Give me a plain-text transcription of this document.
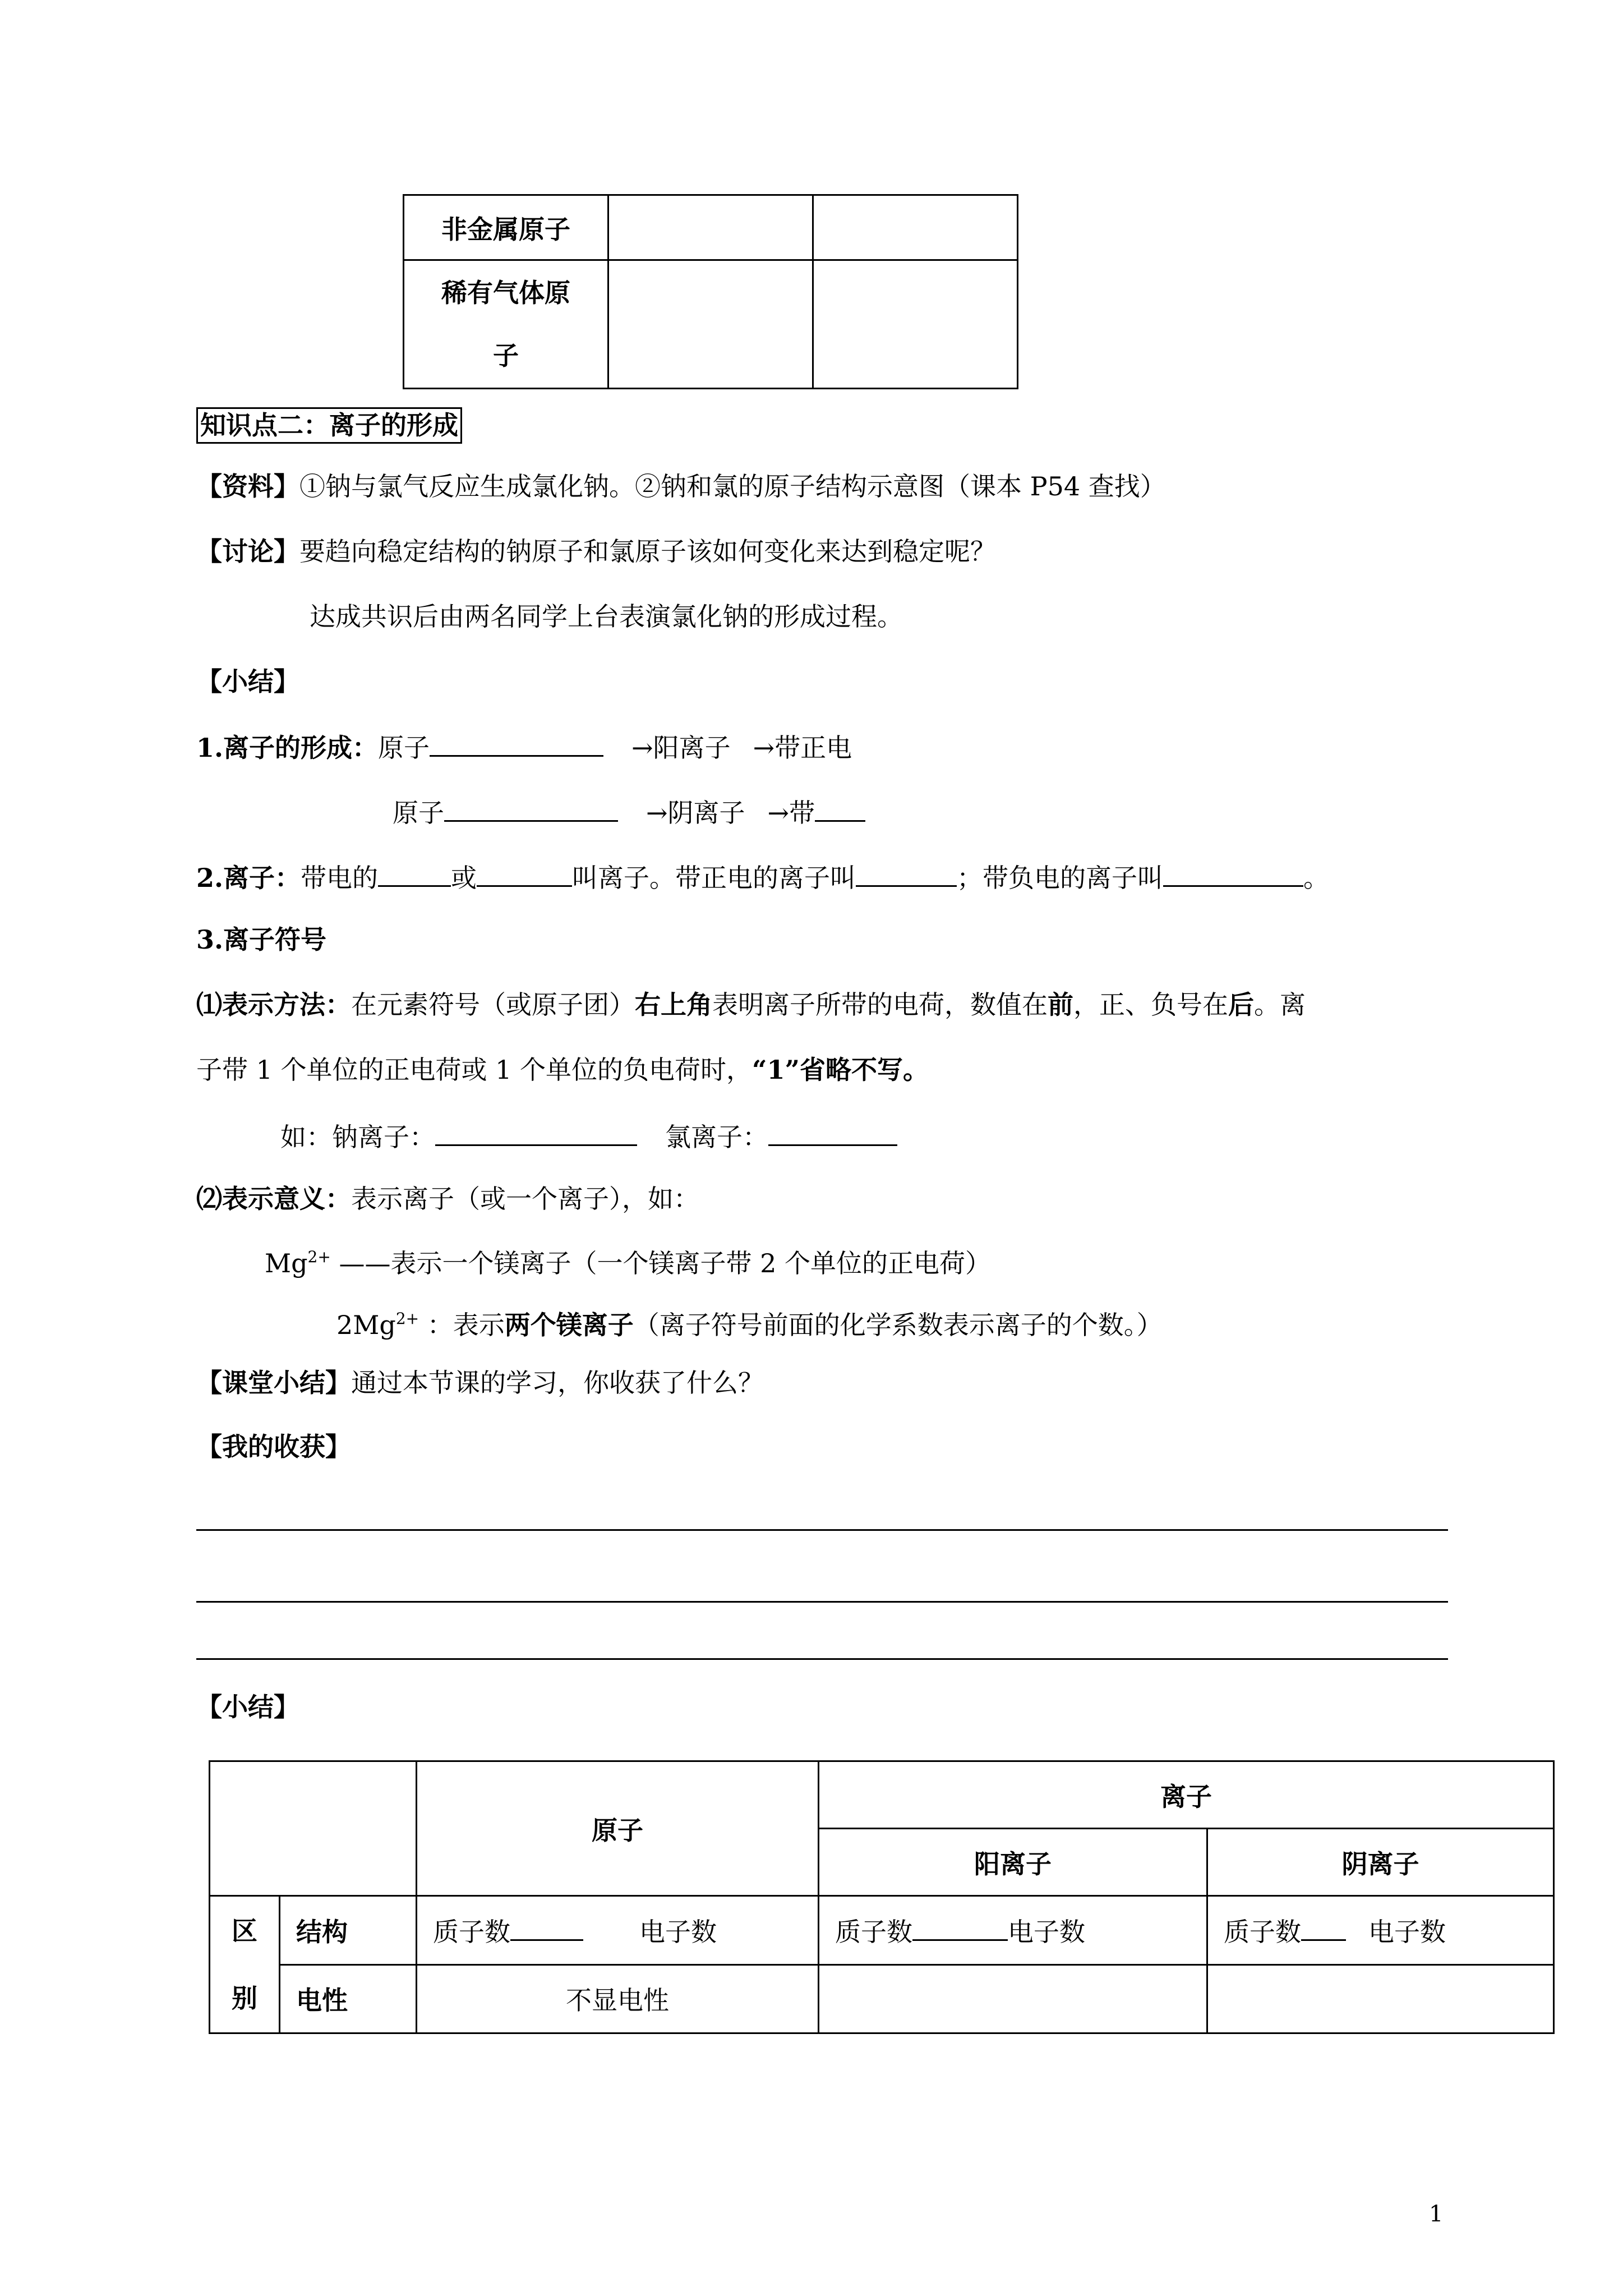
非金属原子		

稀有气体原
子		

知识点二：离子的形成
【资料】①钠与氯气反应生成氯化钠。②钠和氯的原子结构示意图（课本 P54 查找）
【讨论】要趋向稳定结构的钠原子和氯原子该如何变化来达到稳定呢？
达成共识后由两名同学上台表演氯化钠的形成过程。
【小结】
1.离子的形成：原子	→阳离子 →带正电
原子	→阴离子 →带
2.离子：带电的	或	叫离子。带正电的离子叫	；带负电的离子叫	。
3.离子符号
⑴表示方法：在元素符号（或原子团）右上角表明离子所带的电荷，数值在前，正、负号在后。离
子带 1 个单位的正电荷或 1 个单位的负电荷时，“1”省略不写。
如：钠离子：	氯离子：
⑵表示意义：表示离子（或一个离子），如：
$Mg^{2+}$ ——表示一个镁离子（一个镁离子带 2 个单位的正电荷）
$2Mg^{2+}$ ：表示两个镁离子（离子符号前面的化学系数表示离子的个数。）
【课堂小结】通过本节课的学习，你收获了什么？
【我的收获】
【小结】
		原子	离子	
			阳离子	阴离子

区
别	结构	质子数 电子数	质子数 电子数	质子数 电子数
	电性	不显电性		
1
